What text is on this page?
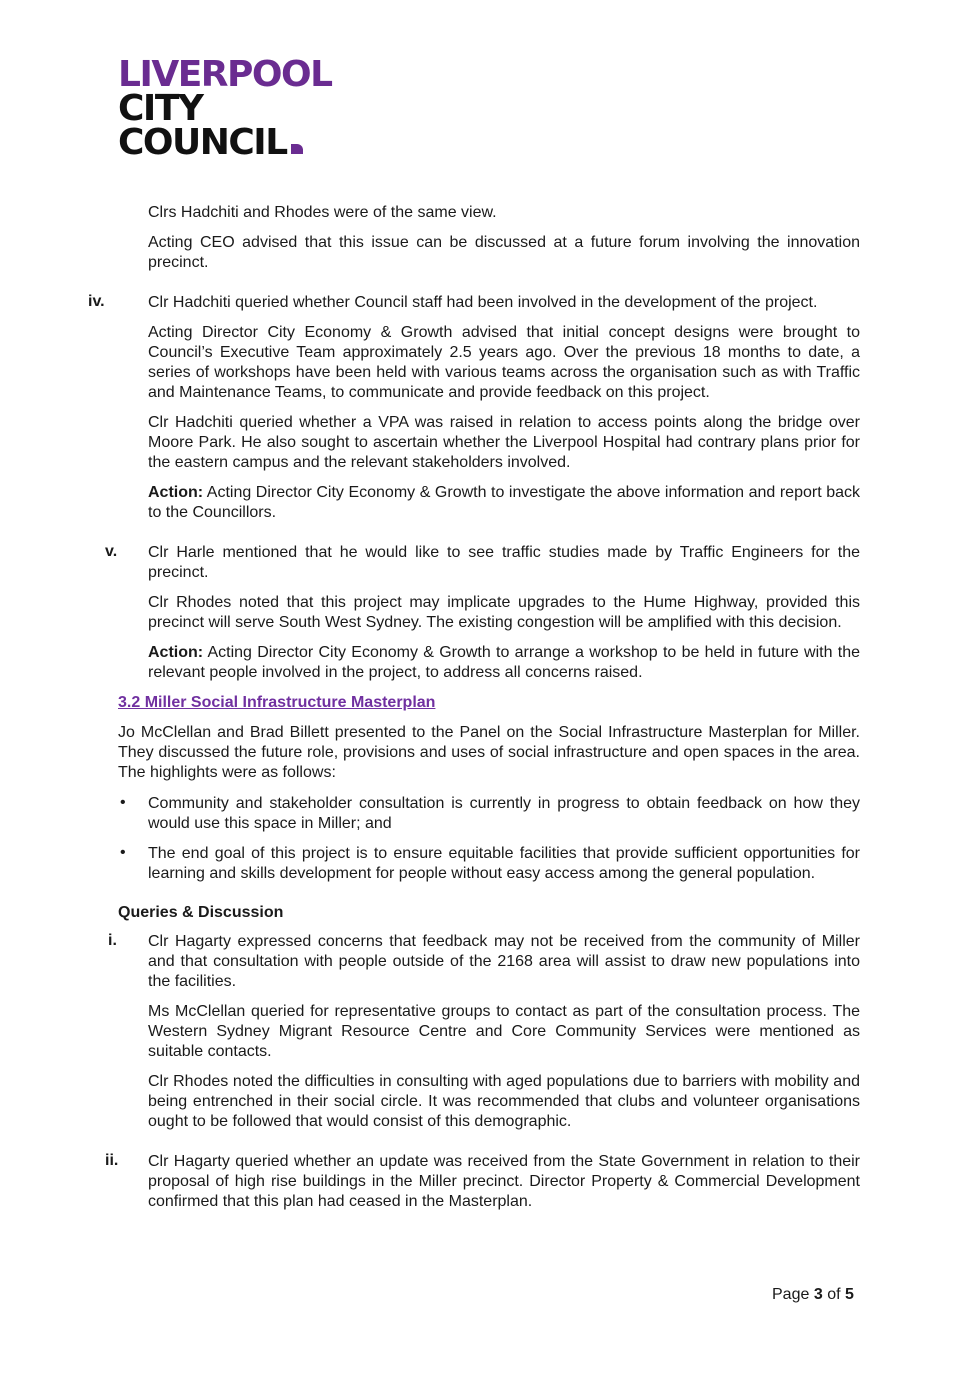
LIVERPOOL
CITY
COUNCIL

Clrs Hadchiti and Rhodes were of the same view.

Acting CEO advised that this issue can be discussed at a future forum involving the innovation precinct.

iv.	Clr Hadchiti queried whether Council staff had been involved in the development of the project.

Acting Director City Economy & Growth advised that initial concept designs were brought to Council’s Executive Team approximately 2.5 years ago. Over the previous 18 months to date, a series of workshops have been held with various teams across the organisation such as with Traffic and Maintenance Teams, to communicate and provide feedback on this project.

Clr Hadchiti queried whether a VPA was raised in relation to access points along the bridge over Moore Park. He also sought to ascertain whether the Liverpool Hospital had contrary plans prior for the eastern campus and the relevant stakeholders involved.

Action: Acting Director City Economy & Growth to investigate the above information and report back to the Councillors.

v.	Clr Harle mentioned that he would like to see traffic studies made by Traffic Engineers for the precinct.

Clr Rhodes noted that this project may implicate upgrades to the Hume Highway, provided this precinct will serve South West Sydney. The existing congestion will be amplified with this decision.

Action: Acting Director City Economy & Growth to arrange a workshop to be held in future with the relevant people involved in the project, to address all concerns raised.

3.2 Miller Social Infrastructure Masterplan

Jo McClellan and Brad Billett presented to the Panel on the Social Infrastructure Masterplan for Miller. They discussed the future role, provisions and uses of social infrastructure and open spaces in the area. The highlights were as follows:

• Community and stakeholder consultation is currently in progress to obtain feedback on how they would use this space in Miller; and

• The end goal of this project is to ensure equitable facilities that provide sufficient opportunities for learning and skills development for people without easy access among the general population.

Queries & Discussion

i.	Clr Hagarty expressed concerns that feedback may not be received from the community of Miller and that consultation with people outside of the 2168 area will assist to draw new populations into the facilities.

Ms McClellan queried for representative groups to contact as part of the consultation process. The Western Sydney Migrant Resource Centre and Core Community Services were mentioned as suitable contacts.

Clr Rhodes noted the difficulties in consulting with aged populations due to barriers with mobility and being entrenched in their social circle. It was recommended that clubs and volunteer organisations ought to be followed that would consist of this demographic.

ii.	Clr Hagarty queried whether an update was received from the State Government in relation to their proposal of high rise buildings in the Miller precinct. Director Property & Commercial Development confirmed that this plan had ceased in the Masterplan.

Page 3 of 5
